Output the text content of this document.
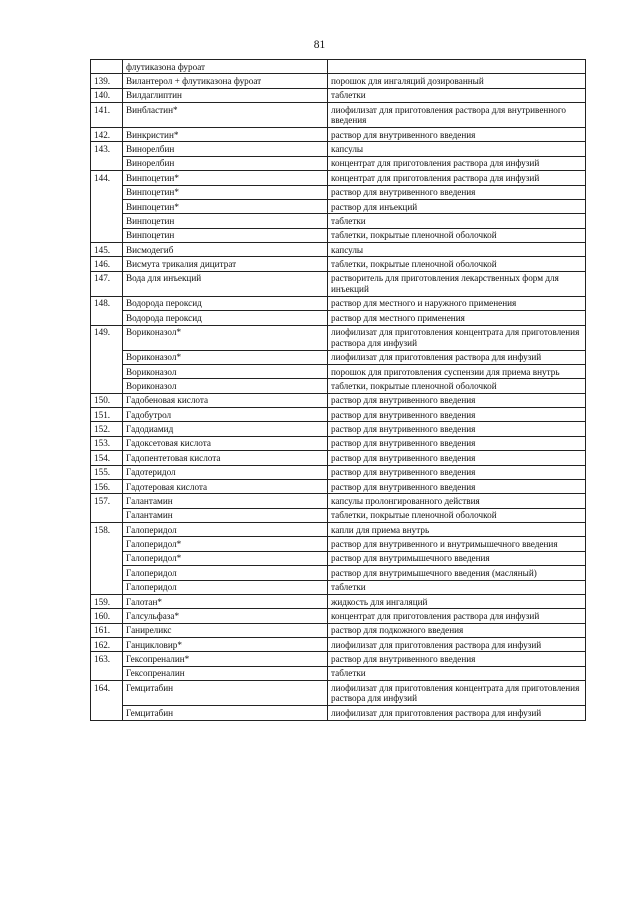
81
	флутиказона фуроат	
139.	Вилантерол + флутиказона фуроат	порошок для ингаляций дозированный
140.	Вилдаглиптин	таблетки
141.	Винбластин*	лиофилизат для приготовления раствора для внутривенного введения
142.	Винкристин*	раствор для внутривенного введения
143.	Винорелбин	капсулы
	Винорелбин	концентрат для приготовления раствора для инфузий
144.	Винпоцетин*	концентрат для приготовления раствора для инфузий
	Винпоцетин*	раствор для внутривенного введения
	Винпоцетин*	раствор для инъекций
	Винпоцетин	таблетки
	Винпоцетин	таблетки, покрытые пленочной оболочкой
145.	Висмодегиб	капсулы
146.	Висмута трикалия дицитрат	таблетки, покрытые пленочной оболочкой
147.	Вода для инъекций	растворитель для приготовления лекарственных форм для инъекций
148.	Водорода пероксид	раствор для местного и наружного применения
	Водорода пероксид	раствор для местного применения
149.	Вориконазол*	лиофилизат для приготовления концентрата для приготовления раствора для инфузий
	Вориконазол*	лиофилизат для приготовления раствора для инфузий
	Вориконазол	порошок для приготовления суспензии для приема внутрь
	Вориконазол	таблетки, покрытые пленочной оболочкой
150.	Гадобеновая кислота	раствор для внутривенного введения
151.	Гадобутрол	раствор для внутривенного введения
152.	Гадодиамид	раствор для внутривенного введения
153.	Гадоксетовая кислота	раствор для внутривенного введения
154.	Гадопентетовая кислота	раствор для внутривенного введения
155.	Гадотеридол	раствор для внутривенного введения
156.	Гадотеровая кислота	раствор для внутривенного введения
157.	Галантамин	капсулы пролонгированного действия
	Галантамин	таблетки, покрытые пленочной оболочкой
158.	Галоперидол	капли для приема внутрь
	Галоперидол*	раствор для внутривенного и внутримышечного введения
	Галоперидол*	раствор для внутримышечного введения
	Галоперидол	раствор для внутримышечного введения (масляный)
	Галоперидол	таблетки
159.	Галотан*	жидкость для ингаляций
160.	Галсульфаза*	концентрат для приготовления раствора для инфузий
161.	Ганиреликс	раствор для подкожного введения
162.	Ганцикловир*	лиофилизат для приготовления раствора для инфузий
163.	Гексопреналин*	раствор для внутривенного введения
	Гексопреналин	таблетки
164.	Гемцитабин	лиофилизат для приготовления концентрата для приготовления раствора для инфузий
	Гемцитабин	лиофилизат для приготовления раствора для инфузий
